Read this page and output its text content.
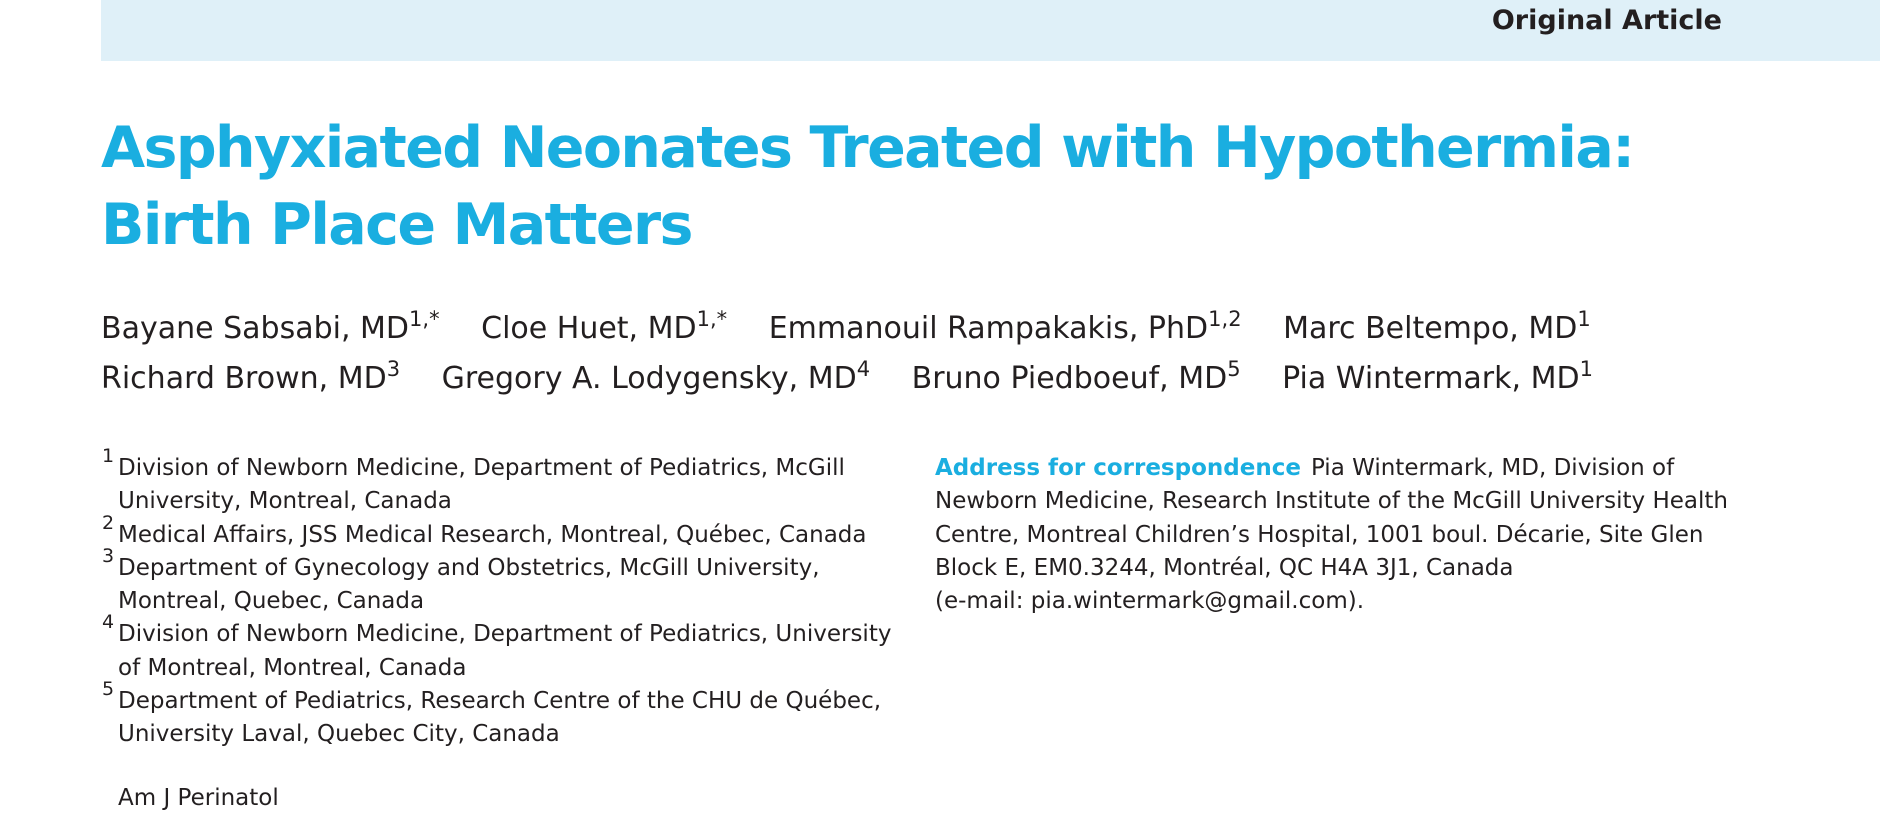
Original Article
Asphyxiated Neonates Treated with Hypothermia:
Birth Place Matters
Bayane Sabsabi, $MD^{1,*}$ Cloe Huet, $MD^{1,*}$ Emmanouil Rampakakis, PhD$^{1,2}$ Marc Beltempo, $MD^1$
Richard Brown, $MD^3$ Gregory A. Lodygensky, $MD^4$ Bruno Piedboeuf, $MD^5$ Pia Wintermark, $MD^1$
1 Division of Newborn Medicine, Department of Pediatrics, McGill
University, Montreal, Canada
2 Medical Affairs, JSS Medical Research, Montreal, Québec, Canada
3 Department of Gynecology and Obstetrics, McGill University,
Montreal, Quebec, Canada
4 Division of Newborn Medicine, Department of Pediatrics, University
of Montreal, Montreal, Canada
5 Department of Pediatrics, Research Centre of the CHU de Québec,
University Laval, Quebec City, Canada
Am J Perinatol
Address for correspondence Pia Wintermark, MD, Division of
Newborn Medicine, Research Institute of the McGill University Health
Centre, Montreal Children’s Hospital, 1001 boul. Décarie, Site Glen
Block E, EM0.3244, Montréal, QC H4A 3J1, Canada
(e-mail: pia.wintermark@gmail.com).
